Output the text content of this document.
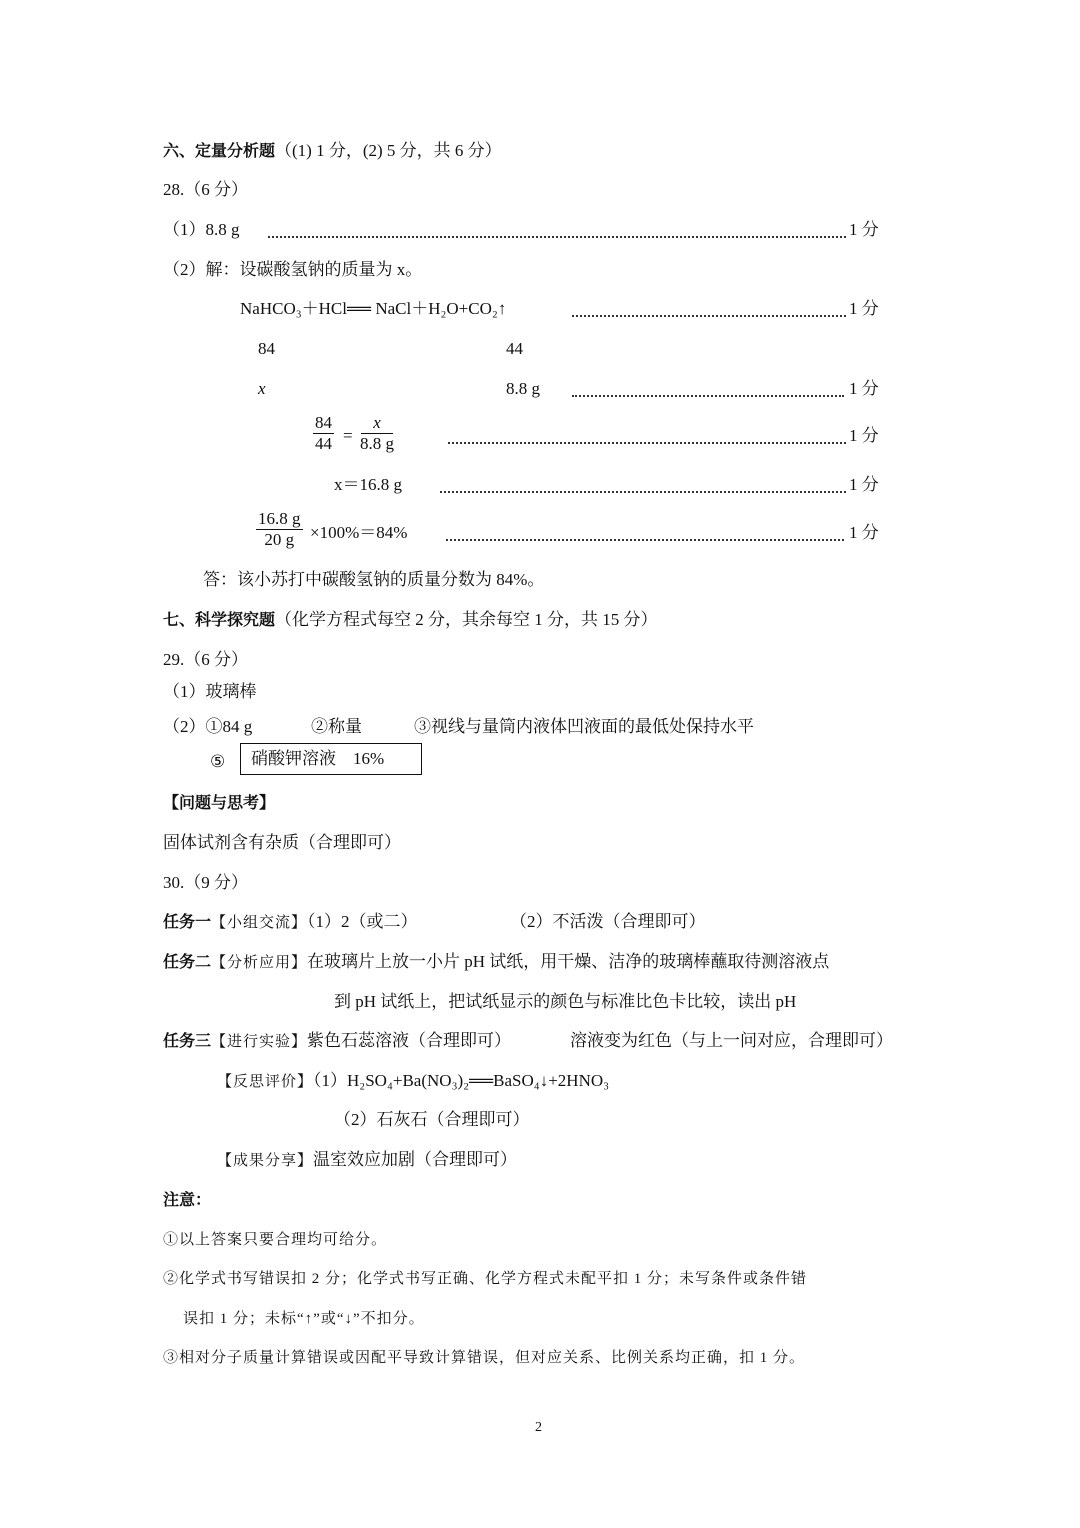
六、定量分析题（(1) 1 分，(2) 5 分，共 6 分）
28.（6 分）
（1）8.8 g	1 分
（2）解：设碳酸氢钠的质量为 x。
NaHCO₃＋HCl══ NaCl＋H₂O+CO₂↑	1 分
84	44
x	8.8 g	1 分
$\frac{84}{44} = \frac{x}{8.8 g}$	1 分
x＝16.8 g	1 分
$\frac{16.8 g}{20 g} \times 100\%=84\%$	1 分
答：该小苏打中碳酸氢钠的质量分数为 84%。
七、科学探究题（化学方程式每空 2 分，其余每空 1 分，共 15 分）
29.（6 分）
（1）玻璃棒
（2）①84 g	②称量	③视线与量筒内液体凹液面的最低处保持水平
⑤	硝酸钾溶液　16%
【问题与思考】
固体试剂含有杂质（合理即可）
30.（9 分）
任务一【小组交流】（1）2（或二）	（2）不活泼（合理即可）
任务二【分析应用】在玻璃片上放一小片 pH 试纸，用干燥、洁净的玻璃棒蘸取待测溶液点
到 pH 试纸上，把试纸显示的颜色与标准比色卡比较，读出 pH
任务三【进行实验】紫色石蕊溶液（合理即可）	溶液变为红色（与上一问对应，合理即可）
【反思评价】（1）H₂SO₄+Ba(NO₃)₂══BaSO₄↓+2HNO₃
（2）石灰石（合理即可）
【成果分享】温室效应加剧（合理即可）
注意：
①以上答案只要合理均可给分。
②化学式书写错误扣 2 分；化学式书写正确、化学方程式未配平扣 1 分；未写条件或条件错
误扣 1 分；未标“↑”或“↓”不扣分。
③相对分子质量计算错误或因配平导致计算错误，但对应关系、比例关系均正确，扣 1 分。
2
